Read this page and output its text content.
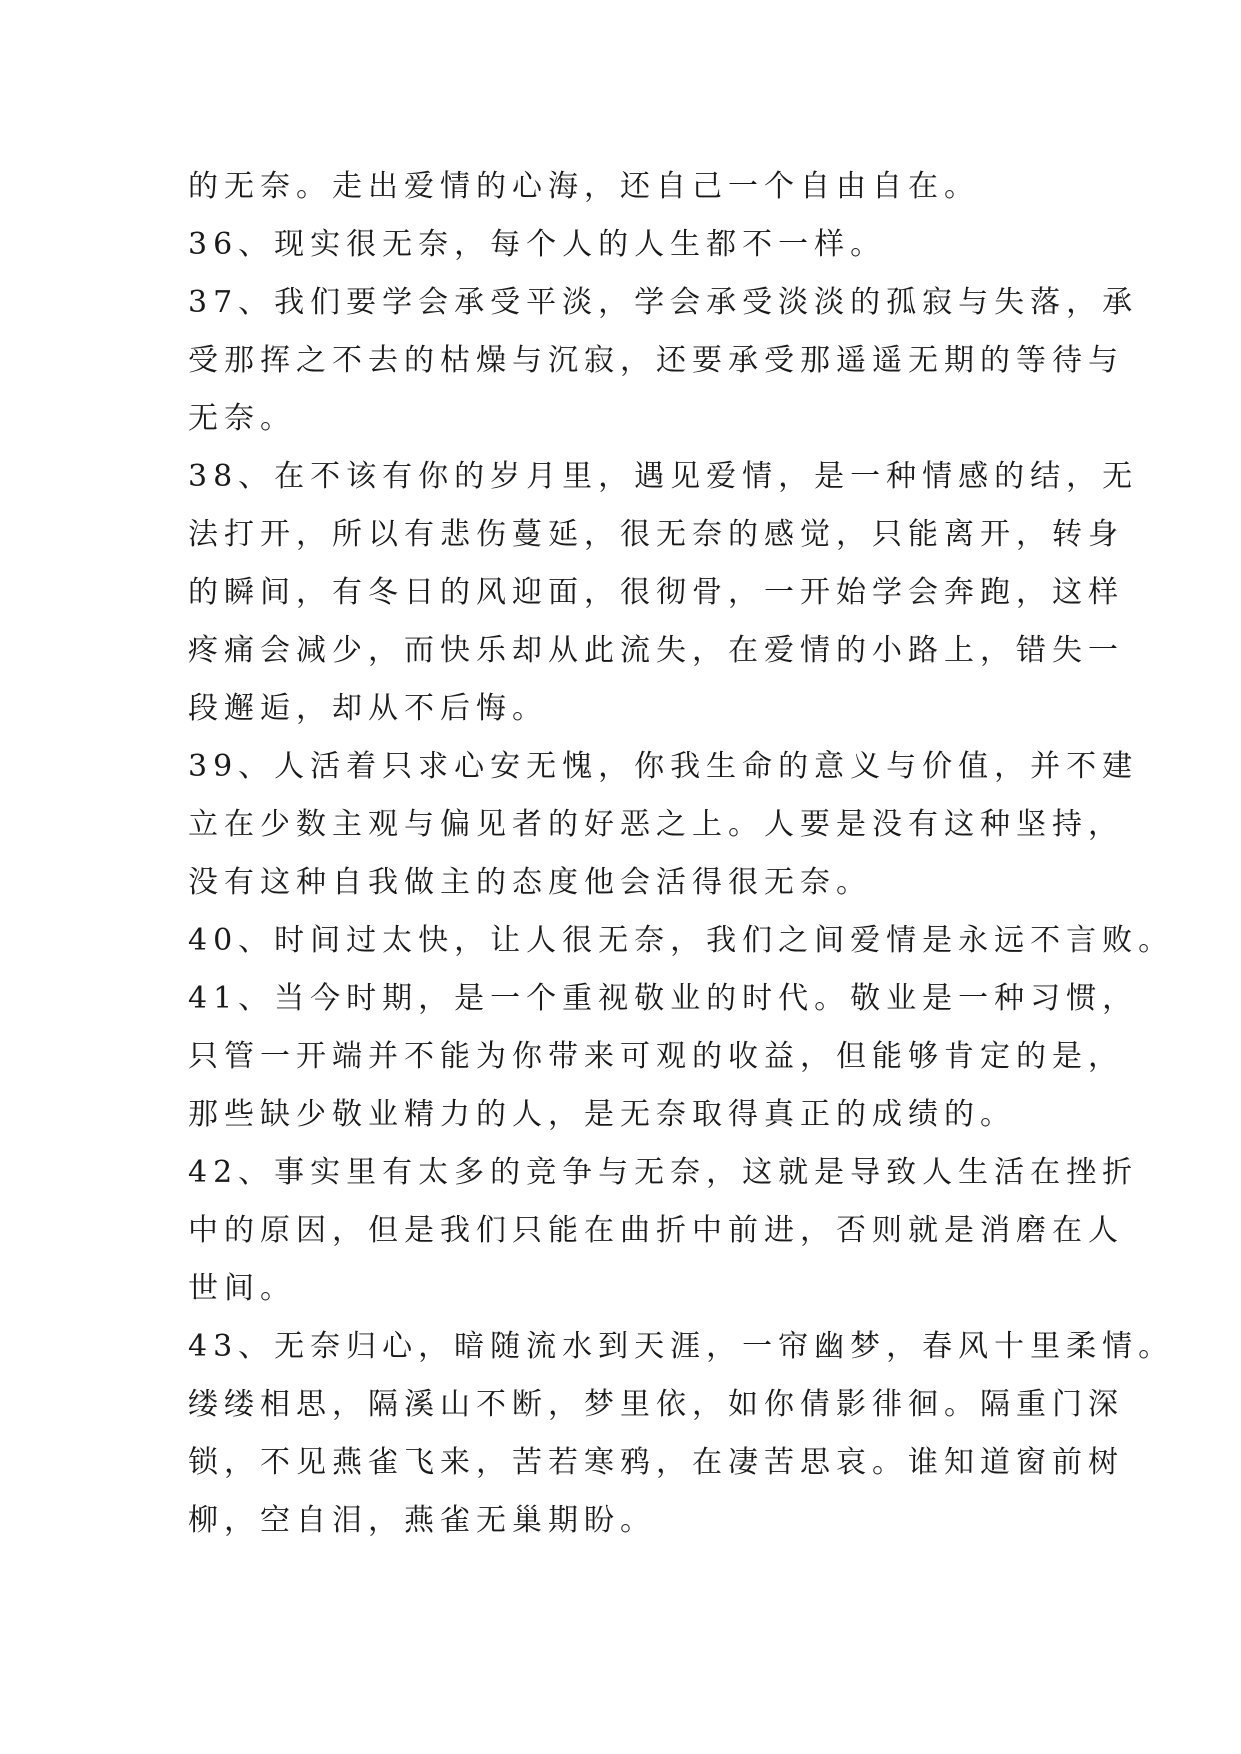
的无奈。走出爱情的心海，还自己一个自由自在。
36、现实很无奈，每个人的人生都不一样。
37、我们要学会承受平淡，学会承受淡淡的孤寂与失落，承
受那挥之不去的枯燥与沉寂，还要承受那遥遥无期的等待与
无奈。
38、在不该有你的岁月里，遇见爱情，是一种情感的结，无
法打开，所以有悲伤蔓延，很无奈的感觉，只能离开，转身
的瞬间，有冬日的风迎面，很彻骨，一开始学会奔跑，这样
疼痛会减少，而快乐却从此流失，在爱情的小路上，错失一
段邂逅，却从不后悔。
39、人活着只求心安无愧，你我生命的意义与价值，并不建
立在少数主观与偏见者的好恶之上。人要是没有这种坚持，
没有这种自我做主的态度他会活得很无奈。
40、时间过太快，让人很无奈，我们之间爱情是永远不言败。
41、当今时期，是一个重视敬业的时代。敬业是一种习惯，
只管一开端并不能为你带来可观的收益，但能够肯定的是，
那些缺少敬业精力的人，是无奈取得真正的成绩的。
42、事实里有太多的竞争与无奈，这就是导致人生活在挫折
中的原因，但是我们只能在曲折中前进，否则就是消磨在人
世间。
43、无奈归心，暗随流水到天涯，一帘幽梦，春风十里柔情。
缕缕相思，隔溪山不断，梦里依，如你倩影徘徊。隔重门深
锁，不见燕雀飞来，苦若寒鸦，在凄苦思哀。谁知道窗前树
柳，空自泪，燕雀无巢期盼。
